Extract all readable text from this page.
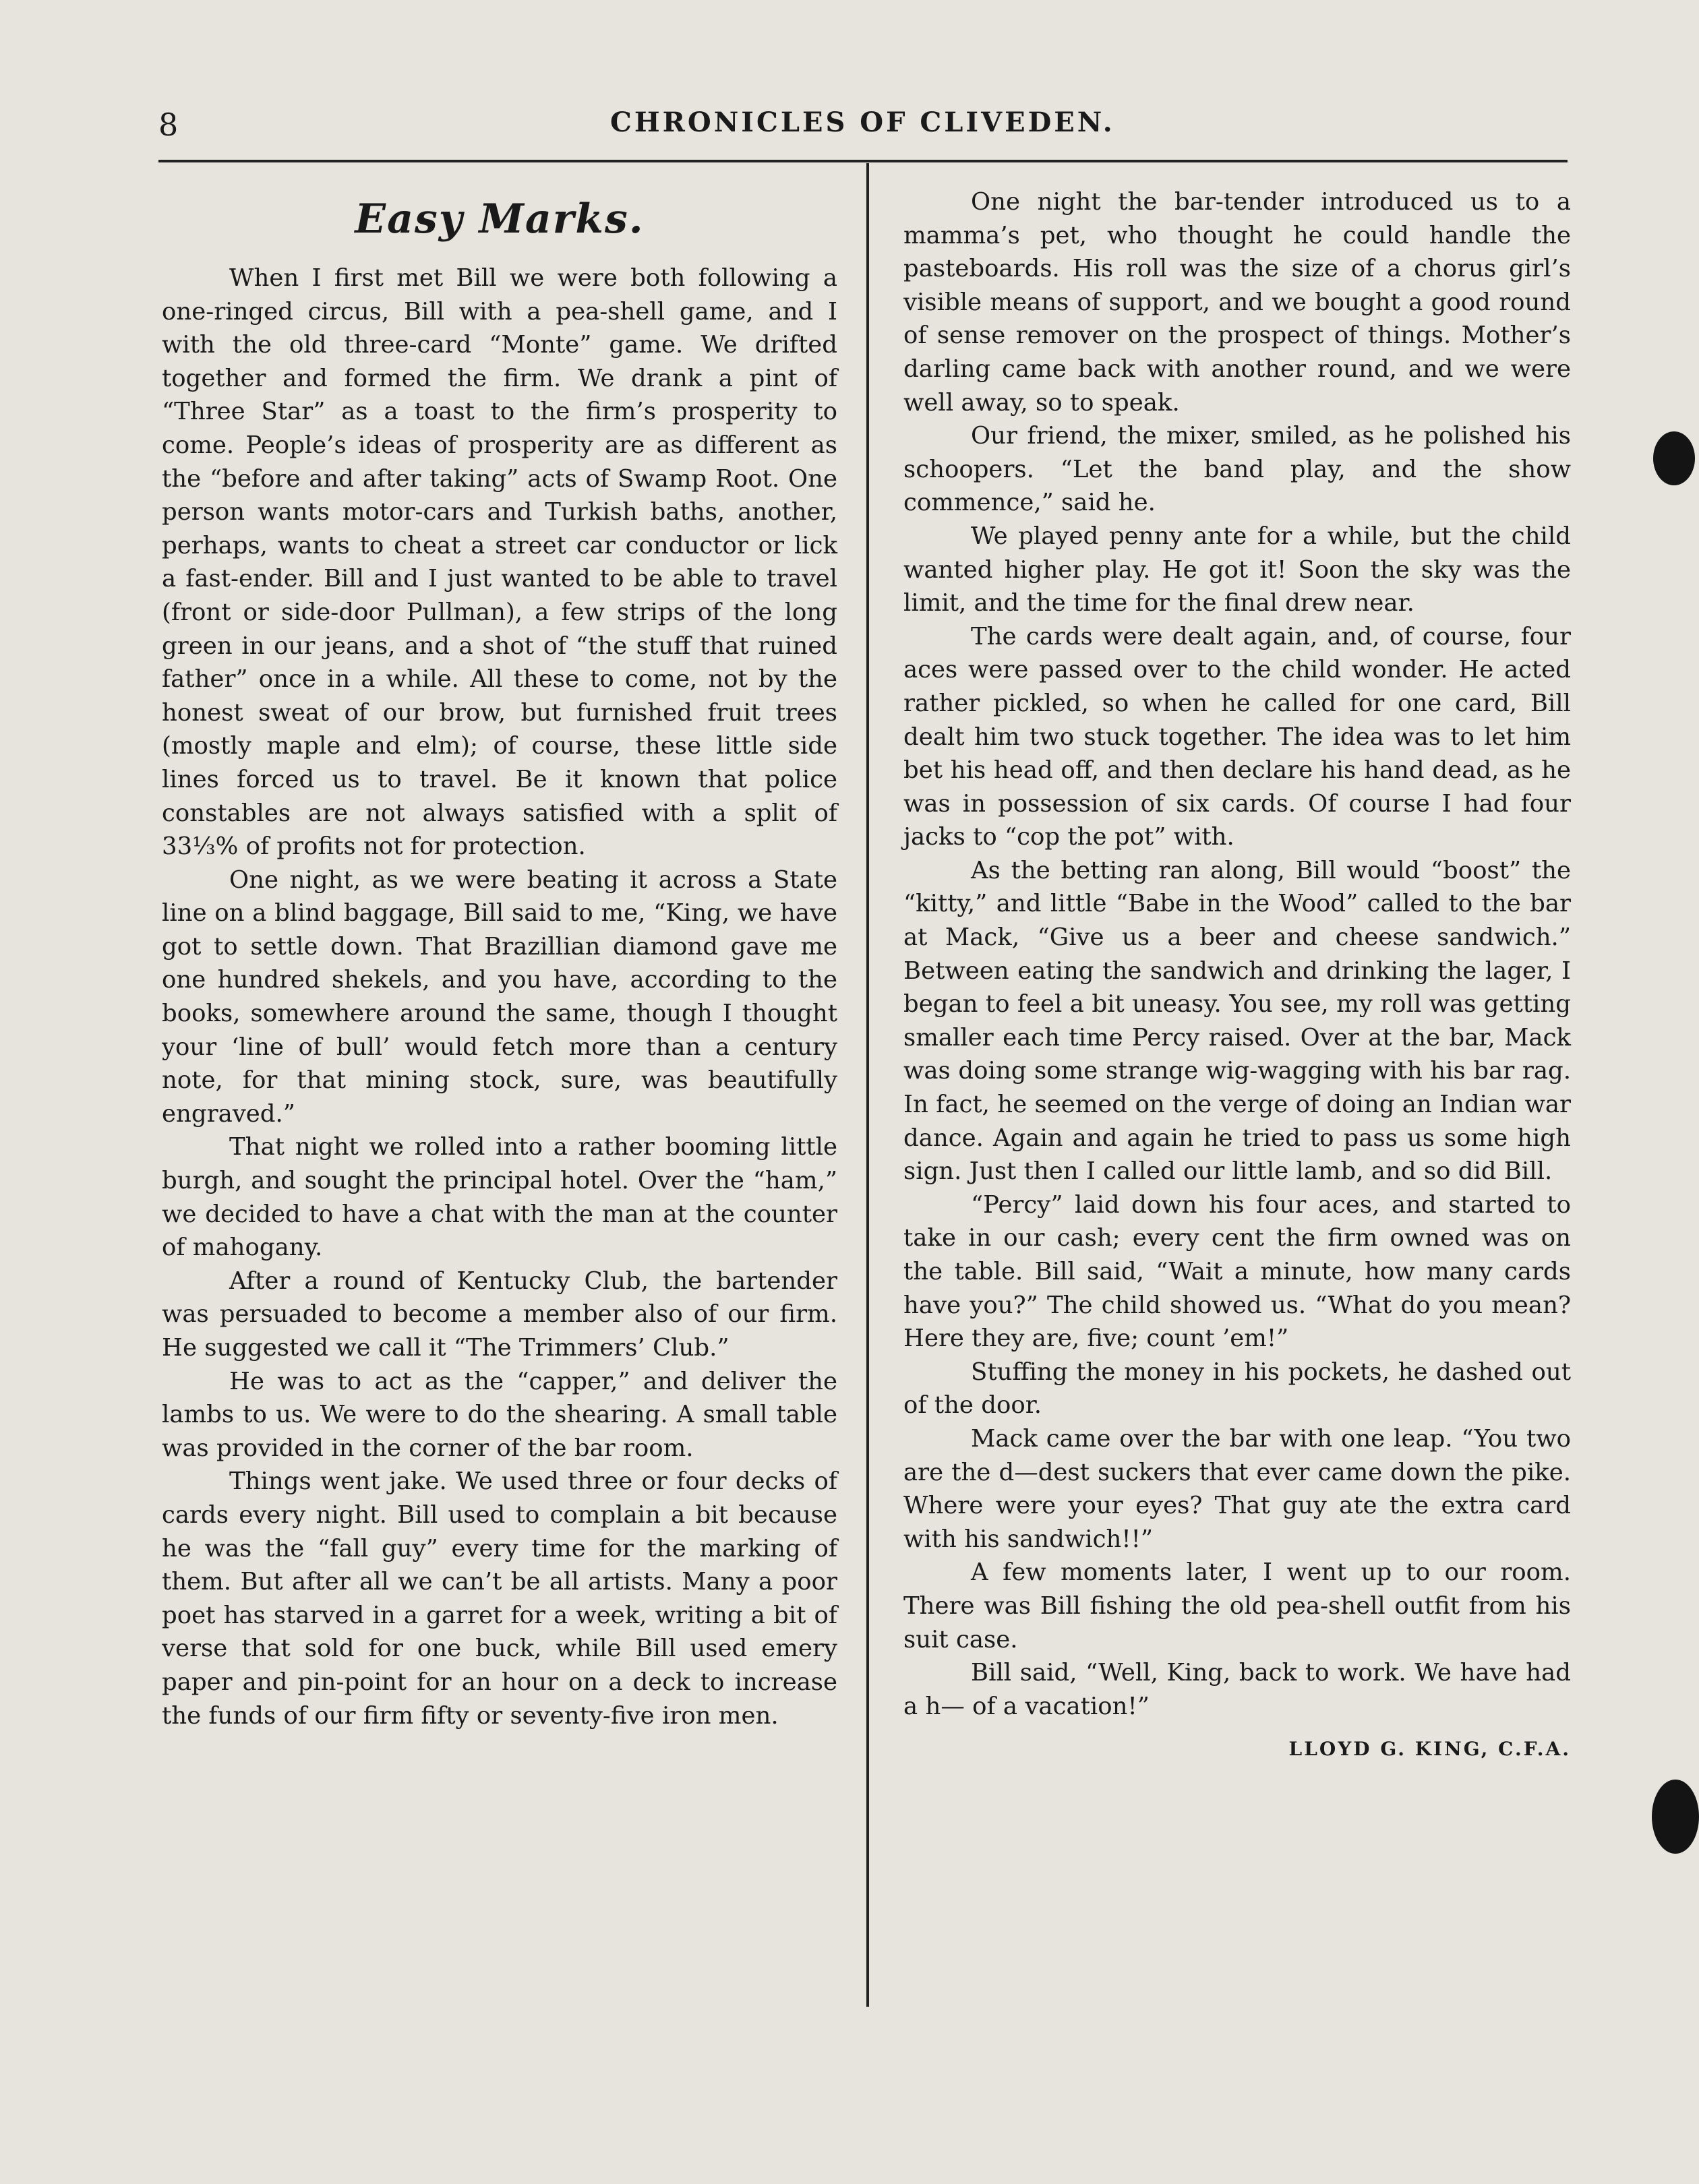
8	CHRONICLES OF CLIVEDEN.
Easy Marks.

When I first met Bill we were both following a one-ringed circus, Bill with a pea-shell game, and I with the old three-card “Monte” game. We drifted together and formed the firm. We drank a pint of “Three Star” as a toast to the firm’s prosperity to come. People’s ideas of prosperity are as different as the “before and after taking” acts of Swamp Root. One person wants motor-cars and Turkish baths, another, perhaps, wants to cheat a street car conductor or lick a fast-ender. Bill and I just wanted to be able to travel (front or side-door Pullman), a few strips of the long green in our jeans, and a shot of “the stuff that ruined father” once in a while. All these to come, not by the honest sweat of our brow, but furnished fruit trees (mostly maple and elm); of course, these little side lines forced us to travel. Be it known that police constables are not always satisfied with a split of 33⅓% of profits not for protection.

One night, as we were beating it across a State line on a blind baggage, Bill said to me, “King, we have got to settle down. That Brazillian diamond gave me one hundred shekels, and you have, according to the books, somewhere around the same, though I thought your ‘line of bull’ would fetch more than a century note, for that mining stock, sure, was beautifully engraved.”

That night we rolled into a rather booming little burgh, and sought the principal hotel. Over the “ham,” we decided to have a chat with the man at the counter of mahogany.

After a round of Kentucky Club, the bartender was persuaded to become a member also of our firm. He suggested we call it “The Trimmers’ Club.”

He was to act as the “capper,” and deliver the lambs to us. We were to do the shearing. A small table was provided in the corner of the bar room.

Things went jake. We used three or four decks of cards every night. Bill used to complain a bit because he was the “fall guy” every time for the marking of them. But after all we can’t be all artists. Many a poor poet has starved in a garret for a week, writing a bit of verse that sold for one buck, while Bill used emery paper and pin-point for an hour on a deck to increase the funds of our firm fifty or seventy-five iron men.

One night the bar-tender introduced us to a mamma’s pet, who thought he could handle the pasteboards. His roll was the size of a chorus girl’s visible means of support, and we bought a good round of sense remover on the prospect of things. Mother’s darling came back with another round, and we were well away, so to speak.

Our friend, the mixer, smiled, as he polished his schoopers. “Let the band play, and the show commence,” said he.

We played penny ante for a while, but the child wanted higher play. He got it! Soon the sky was the limit, and the time for the final drew near.

The cards were dealt again, and, of course, four aces were passed over to the child wonder. He acted rather pickled, so when he called for one card, Bill dealt him two stuck together. The idea was to let him bet his head off, and then declare his hand dead, as he was in possession of six cards. Of course I had four jacks to “cop the pot” with.

As the betting ran along, Bill would “boost” the “kitty,” and little “Babe in the Wood” called to the bar at Mack, “Give us a beer and cheese sandwich.” Between eating the sandwich and drinking the lager, I began to feel a bit uneasy. You see, my roll was getting smaller each time Percy raised. Over at the bar, Mack was doing some strange wig-wagging with his bar rag. In fact, he seemed on the verge of doing an Indian war dance. Again and again he tried to pass us some high sign. Just then I called our little lamb, and so did Bill.

“Percy” laid down his four aces, and started to take in our cash; every cent the firm owned was on the table. Bill said, “Wait a minute, how many cards have you?” The child showed us. “What do you mean? Here they are, five; count ’em!”

Stuffing the money in his pockets, he dashed out of the door.

Mack came over the bar with one leap. “You two are the d—dest suckers that ever came down the pike. Where were your eyes? That guy ate the extra card with his sandwich!!”

A few moments later, I went up to our room. There was Bill fishing the old pea-shell outfit from his suit case.

Bill said, “Well, King, back to work. We have had a h— of a vacation!”

LLOYD G. KING, C.F.A.
